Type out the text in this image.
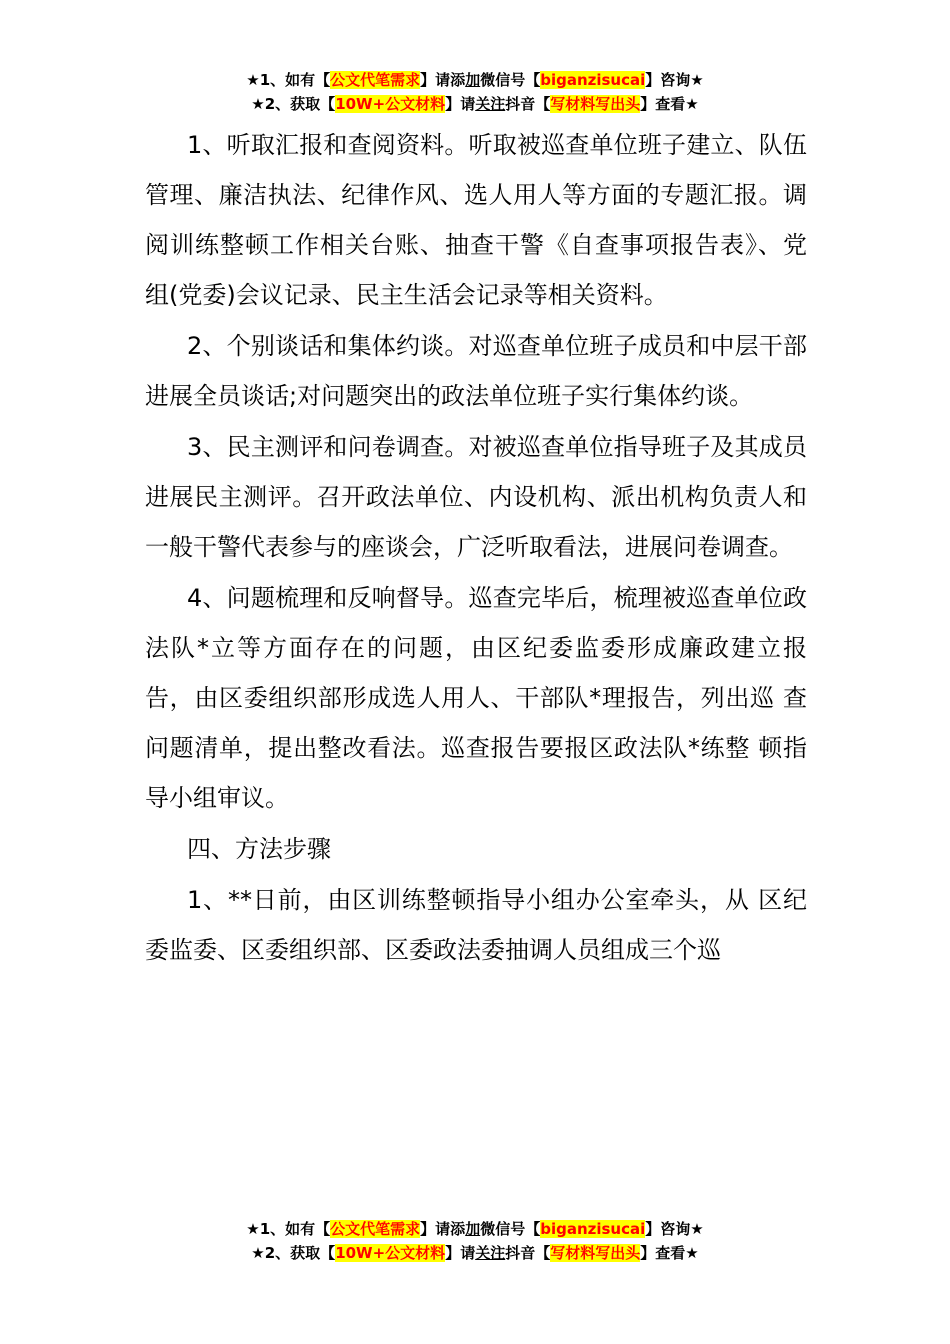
★1、如有【公文代笔需求】请添加微信号【biganzisucai】咨询★
★2、获取【10W+公文材料】请关注抖音【写材料写出头】查看★

1、听取汇报和查阅资料。听取被巡查单位班子建立、队伍 管理、廉洁执法、纪律作风、选人用人等方面的专题汇报。调 阅训练整顿工作相关台账、抽查干警《自查事项报告表》、党 组(党委)会议记录、民主生活会记录等相关资料。

2、个别谈话和集体约谈。对巡查单位班子成员和中层干部 进展全员谈话;对问题突出的政法单位班子实行集体约谈。

3、民主测评和问卷调查。对被巡查单位指导班子及其成员 进展民主测评。召开政法单位、内设机构、派出机构负责人和 一般干警代表参与的座谈会，广泛听取看法，进展问卷调查。

4、问题梳理和反响督导。巡查完毕后，梳理被巡查单位政 法队*立等方面存在的问题，由区纪委监委形成廉政建立报 告，由区委组织部形成选人用人、干部队*理报告，列出巡 查问题清单，提出整改看法。巡查报告要报区政法队*练整 顿指导小组审议。

四、方法步骤

1、**日前，由区训练整顿指导小组办公室牵头，从 区纪委监委、区委组织部、区委政法委抽调人员组成三个巡

★1、如有【公文代笔需求】请添加微信号【biganzisucai】咨询★
★2、获取【10W+公文材料】请关注抖音【写材料写出头】查看★
